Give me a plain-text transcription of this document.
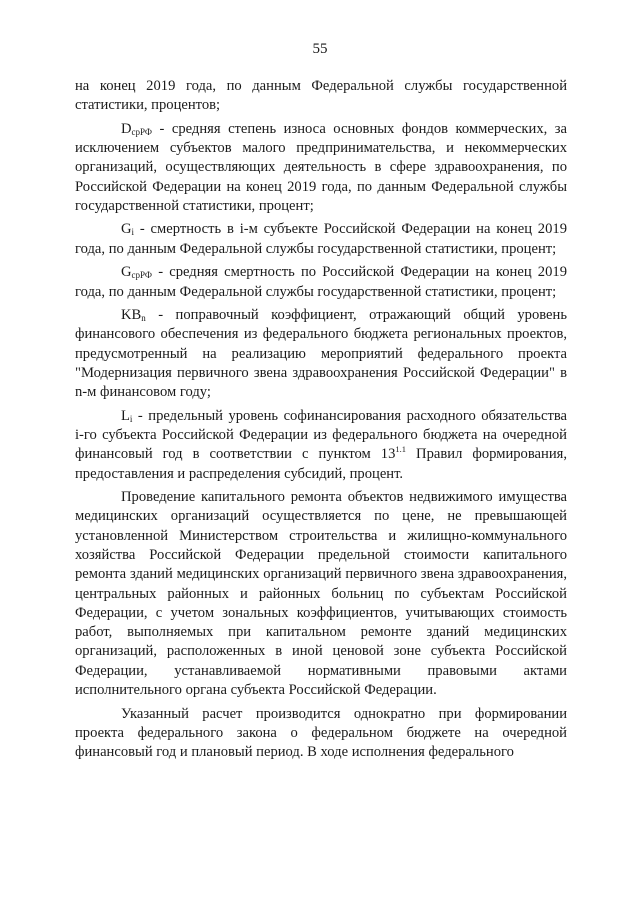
55

на конец 2019 года, по данным Федеральной службы государственной статистики, процентов;

$D_{срРФ}$ - средняя степень износа основных фондов коммерческих, за исключением субъектов малого предпринимательства, и некоммерческих организаций, осуществляющих деятельность в сфере здравоохранения, по Российской Федерации на конец 2019 года, по данным Федеральной службы государственной статистики, процент;

$G_i$ - смертность в i-м субъекте Российской Федерации на конец 2019 года, по данным Федеральной службы государственной статистики, процент;

$G_{срРФ}$ - средняя смертность по Российской Федерации на конец 2019 года, по данным Федеральной службы государственной статистики, процент;

$KB_n$ - поправочный коэффициент, отражающий общий уровень финансового обеспечения из федерального бюджета региональных проектов, предусмотренный на реализацию мероприятий федерального проекта "Модернизация первичного звена здравоохранения Российской Федерации" в n-м финансовом году;

$L_i$ - предельный уровень софинансирования расходного обязательства i-го субъекта Российской Федерации из федерального бюджета на очередной финансовый год в соответствии с пунктом $13^{1.1}$ Правил формирования, предоставления и распределения субсидий, процент.

Проведение капитального ремонта объектов недвижимого имущества медицинских организаций осуществляется по цене, не превышающей установленной Министерством строительства и жилищно-коммунального хозяйства Российской Федерации предельной стоимости капитального ремонта зданий медицинских организаций первичного звена здравоохранения, центральных районных и районных больниц по субъектам Российской Федерации, с учетом зональных коэффициентов, учитывающих стоимость работ, выполняемых при капитальном ремонте зданий медицинских организаций, расположенных в иной ценовой зоне субъекта Российской Федерации, устанавливаемой нормативными правовыми актами исполнительного органа субъекта Российской Федерации.

Указанный расчет производится однократно при формировании проекта федерального закона о федеральном бюджете на очередной финансовый год и плановый период. В ходе исполнения федерального
